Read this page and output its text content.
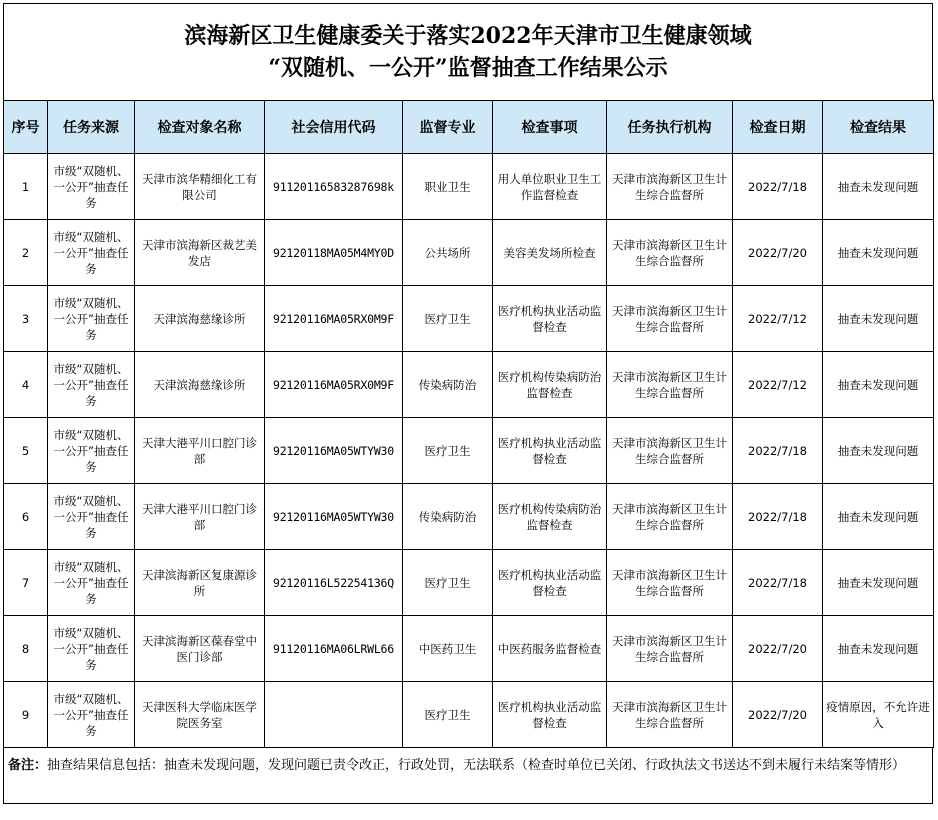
滨海新区卫生健康委关于落实2022年天津市卫生健康领域
“双随机、一公开”监督抽查工作结果公示
序号	任务来源	检查对象名称	社会信用代码	监督专业	检查事项	任务执行机构	检查日期	检查结果
1	市级“双随机、一公开”抽查任务	天津市滨华精细化工有限公司	91120116583287698k	职业卫生	用人单位职业卫生工作监督检查	天津市滨海新区卫生计生综合监督所	2022/7/18	抽查未发现问题
2	市级“双随机、一公开”抽查任务	天津市滨海新区裁艺美发店	92120118MA05M4MY0D	公共场所	美容美发场所检查	天津市滨海新区卫生计生综合监督所	2022/7/20	抽查未发现问题
3	市级“双随机、一公开”抽查任务	天津滨海慈缘诊所	92120116MA05RX0M9F	医疗卫生	医疗机构执业活动监督检查	天津市滨海新区卫生计生综合监督所	2022/7/12	抽查未发现问题
4	市级“双随机、一公开”抽查任务	天津滨海慈缘诊所	92120116MA05RX0M9F	传染病防治	医疗机构传染病防治监督检查	天津市滨海新区卫生计生综合监督所	2022/7/12	抽查未发现问题
5	市级“双随机、一公开”抽查任务	天津大港平川口腔门诊部	92120116MA05WTYW30	医疗卫生	医疗机构执业活动监督检查	天津市滨海新区卫生计生综合监督所	2022/7/18	抽查未发现问题
6	市级“双随机、一公开”抽查任务	天津大港平川口腔门诊部	92120116MA05WTYW30	传染病防治	医疗机构传染病防治监督检查	天津市滨海新区卫生计生综合监督所	2022/7/18	抽查未发现问题
7	市级“双随机、一公开”抽查任务	天津滨海新区复康源诊所	92120116L52254136Q	医疗卫生	医疗机构执业活动监督检查	天津市滨海新区卫生计生综合监督所	2022/7/18	抽查未发现问题
8	市级“双随机、一公开”抽查任务	天津滨海新区葆春堂中医门诊部	91120116MA06LRWL66	中医药卫生	中医药服务监督检查	天津市滨海新区卫生计生综合监督所	2022/7/20	抽查未发现问题
9	市级“双随机、一公开”抽查任务	天津医科大学临床医学院医务室		医疗卫生	医疗机构执业活动监督检查	天津市滨海新区卫生计生综合监督所	2022/7/20	疫情原因，不允许进入
备注：抽查结果信息包括：抽查未发现问题，发现问题已责令改正，行政处罚，无法联系（检查时单位已关闭、行政执法文书送达不到未履行未结案等情形）
